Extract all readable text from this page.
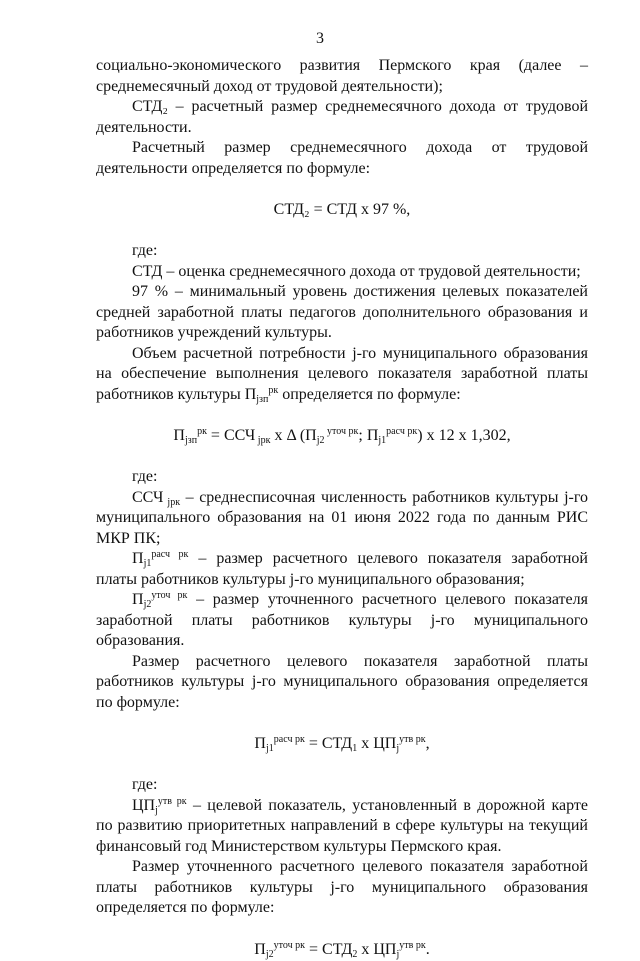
3

социально-экономического развития Пермского края (далее –

среднемесячный доход от трудовой деятельности);

СТД₂ – расчетный размер среднемесячного дохода от трудовой деятельности.

Расчетный размер среднемесячного дохода от трудовой деятельности определяется по формуле:

СТД₂ = СТД х 97 %,

где:

СТД – оценка среднемесячного дохода от трудовой деятельности;

97 % – минимальный уровень достижения целевых показателей средней заработной платы педагогов дополнительного образования и работников учреждений культуры.

Объем расчетной потребности j-го муниципального образования на обеспечение выполнения целевого показателя заработной платы работников культуры $П_{jзп}^{рк}$ определяется по формуле:

$П_{jзп}^{рк}$ = ССЧ $_{jрк}$ х Δ ($П_{j2}$ $^{уточ рк}$; $П_{j1}^{расч рк}$) х 12 х 1,302,

где:

ССЧ $_{jрк}$ – среднесписочная численность работников культуры j-го муниципального образования на 01 июня 2022 года по данным РИС МКР ПК;

$П_{j1}^{расч рк}$ – размер расчетного целевого показателя заработной платы работников культуры j-го муниципального образования;

$П_{j2}^{уточ рк}$ – размер уточненного расчетного целевого показателя заработной платы работников культуры j-го муниципального образования.

Размер расчетного целевого показателя заработной платы работников культуры j-го муниципального образования определяется по формуле:

$П_{j1}^{расч рк} = СТД_1$ х $ЦП_j^{утв рк}$,

где:

$ЦП_j^{утв рк}$ – целевой показатель, установленный в дорожной карте по развитию приоритетных направлений в сфере культуры на текущий финансовый год Министерством культуры Пермского края.

Размер уточненного расчетного целевого показателя заработной платы работников культуры j-го муниципального образования определяется по формуле:

$П_{j2}^{уточ рк} = СТД_2$ х $ЦП_j^{утв рк}$.
